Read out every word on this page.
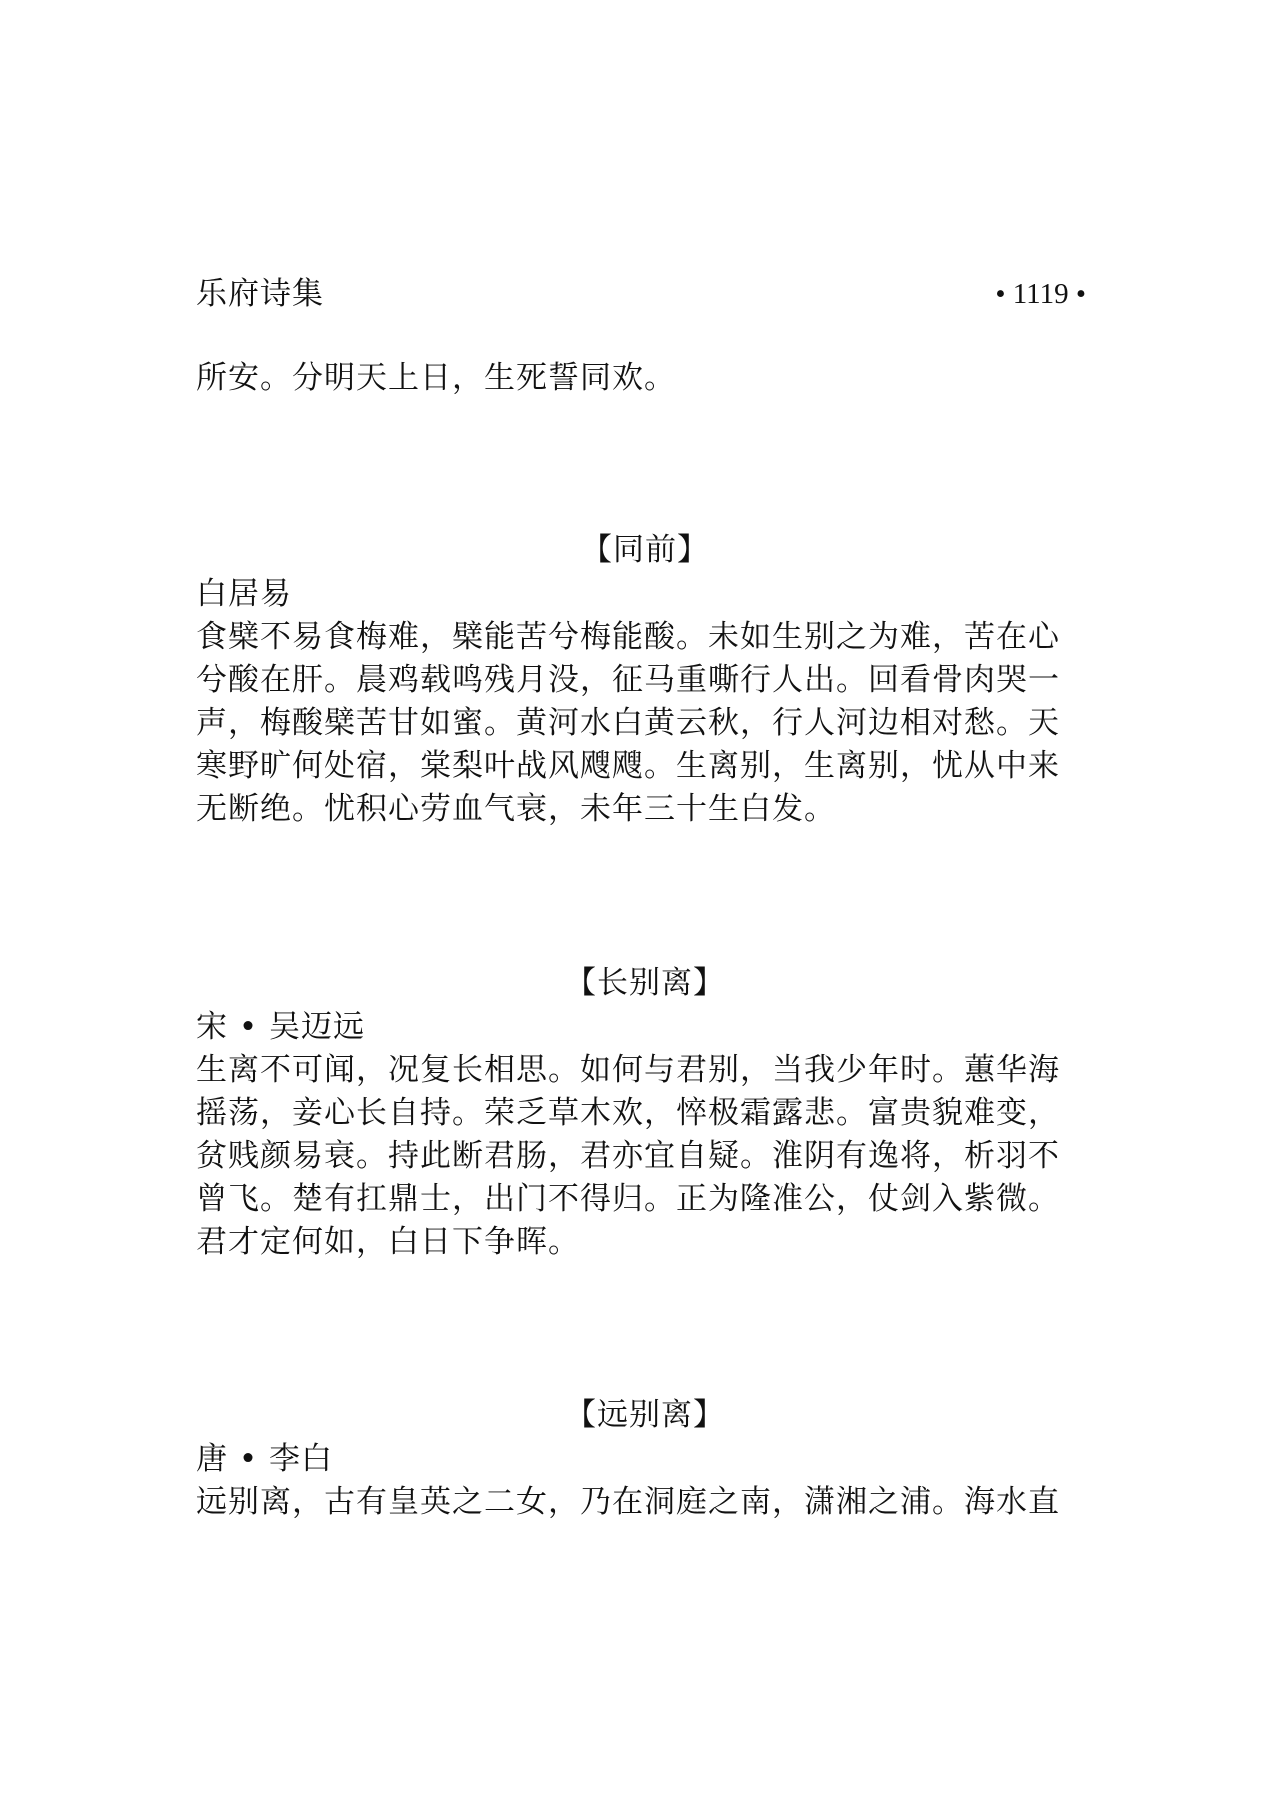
乐府诗集	• 1119 •

所安。分明天上日，生死誓同欢。

【同前】

白居易

食檗不易食梅难，檗能苦兮梅能酸。未如生别之为难，苦在心
兮酸在肝。晨鸡载鸣残月没，征马重嘶行人出。回看骨肉哭一
声，梅酸檗苦甘如蜜。黄河水白黄云秋，行人河边相对愁。天
寒野旷何处宿，棠梨叶战风飕飕。生离别，生离别，忧从中来
无断绝。忧积心劳血气衰，未年三十生白发。

【长别离】

宋 • 吴迈远

生离不可闻，况复长相思。如何与君别，当我少年时。蕙华海
摇荡，妾心长自持。荣乏草木欢，悴极霜露悲。富贵貌难变，
贫贱颜易衰。持此断君肠，君亦宜自疑。淮阴有逸将，析羽不
曾飞。楚有扛鼎士，出门不得归。正为隆准公，仗剑入紫微。
君才定何如，白日下争晖。

【远别离】

唐 • 李白

远别离，古有皇英之二女，乃在洞庭之南，潇湘之浦。海水直
